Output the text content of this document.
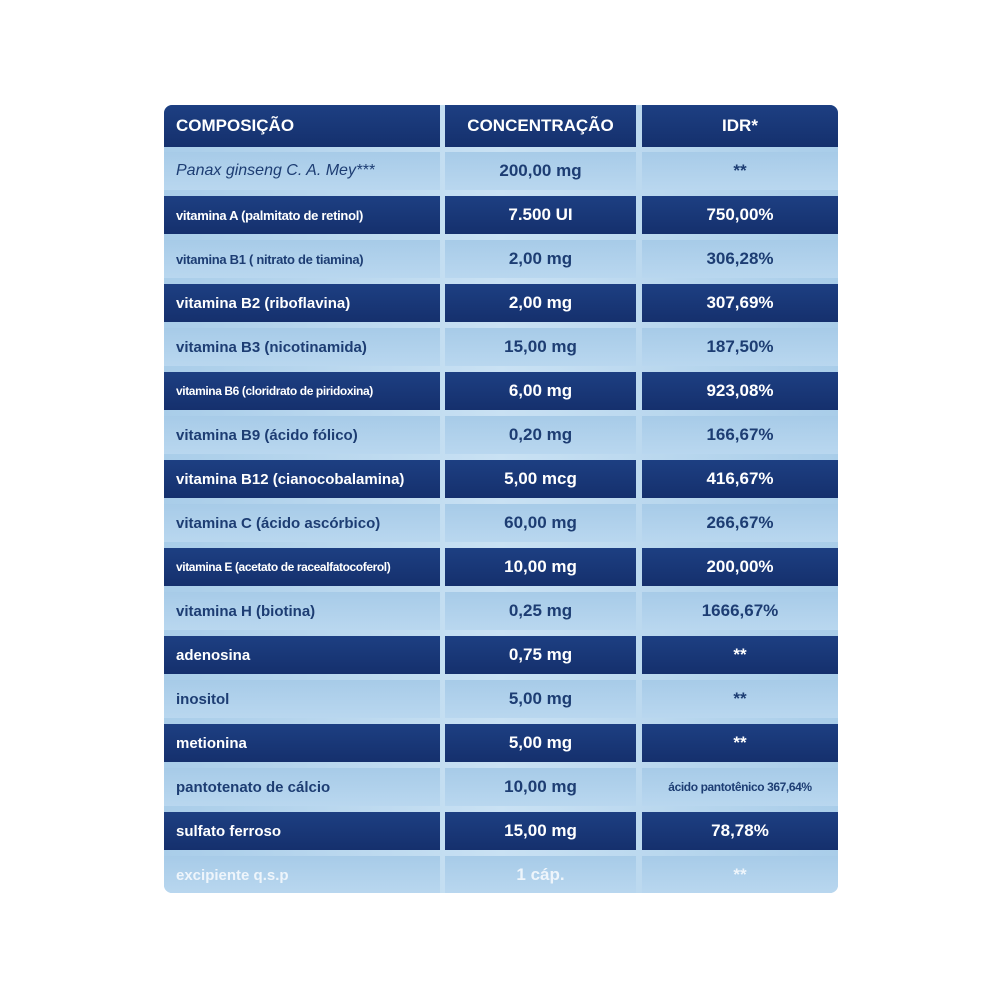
COMPOSIÇÃO	CONCENTRAÇÃO	IDR*
Panax ginseng C. A. Mey***	200,00 mg	**
vitamina A (palmitato de retinol)	7.500 UI	750,00%
vitamina B1 ( nitrato de tiamina)	2,00 mg	306,28%
vitamina B2 (riboflavina)	2,00 mg	307,69%
vitamina B3 (nicotinamida)	15,00 mg	187,50%
vitamina B6 (cloridrato de piridoxina)	6,00 mg	923,08%
vitamina B9 (ácido fólico)	0,20 mg	166,67%
vitamina B12 (cianocobalamina)	5,00 mcg	416,67%
vitamina C (ácido ascórbico)	60,00 mg	266,67%
vitamina E (acetato de racealfatocoferol)	10,00 mg	200,00%
vitamina H (biotina)	0,25 mg	1666,67%
adenosina	0,75 mg	**
inositol	5,00 mg	**
metionina	5,00 mg	**
pantotenato de cálcio	10,00 mg	ácido pantotênico 367,64%
sulfato ferroso	15,00 mg	78,78%
excipiente q.s.p	1 cáp.	**
